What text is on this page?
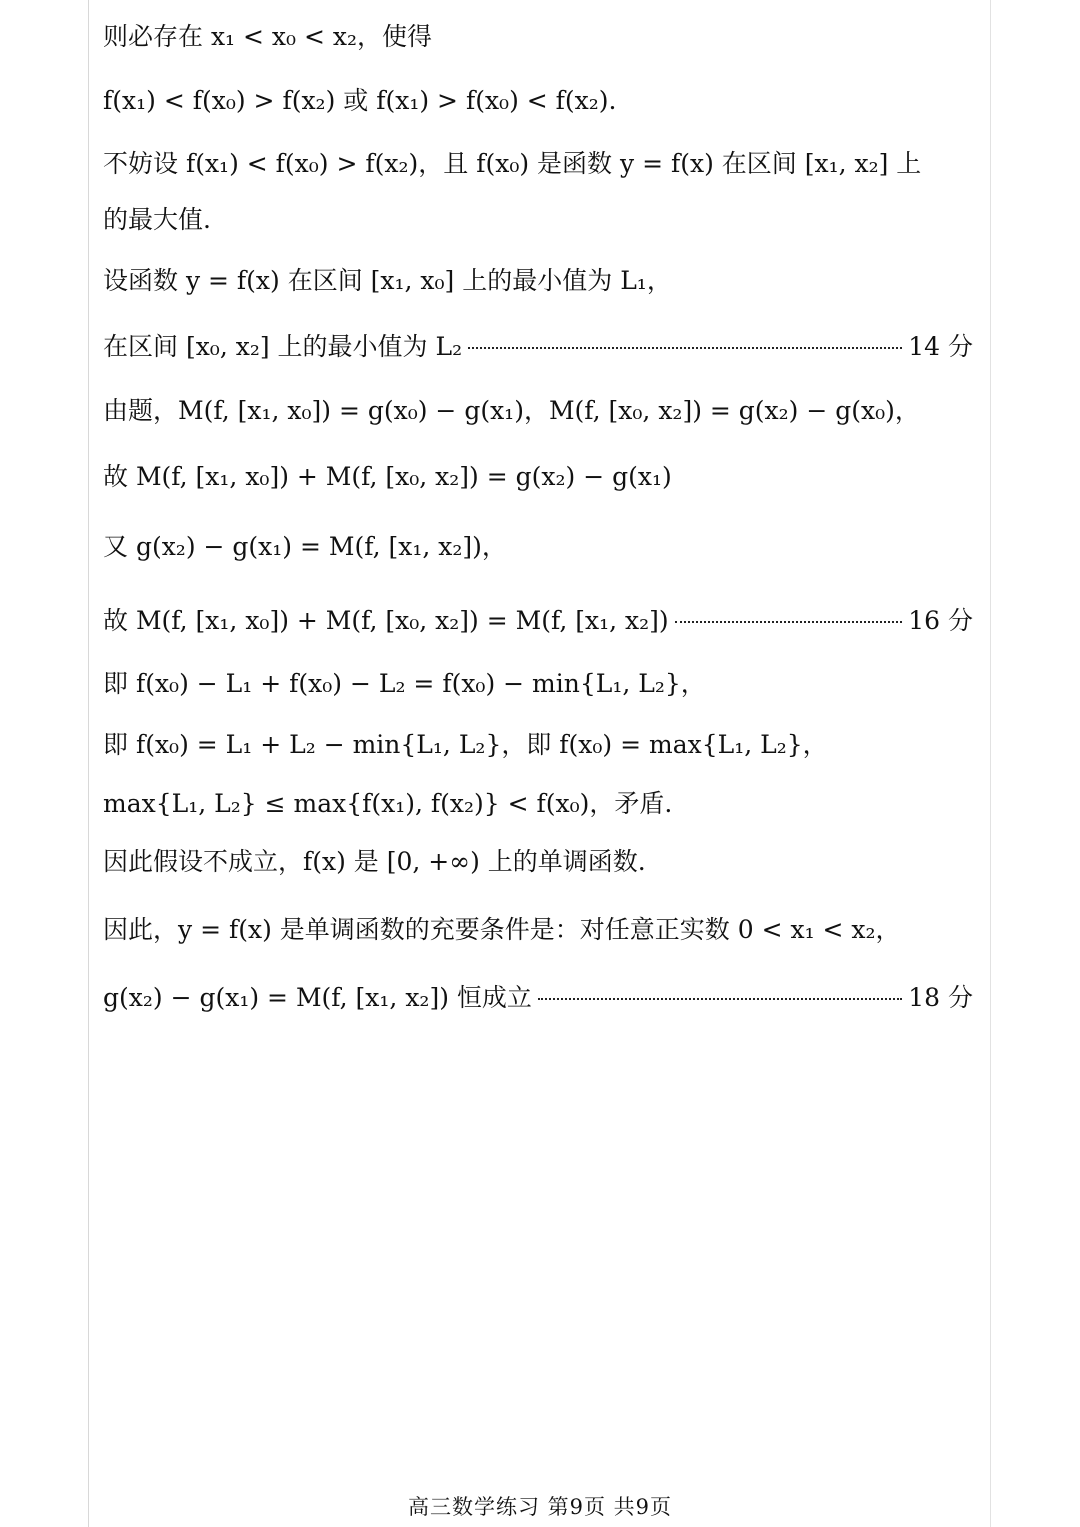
则必存在 x₁ < x₀ < x₂，使得
f(x₁) < f(x₀) > f(x₂) 或 f(x₁) > f(x₀) < f(x₂).
不妨设 f(x₁) < f(x₀) > f(x₂)，且 f(x₀) 是函数 y = f(x) 在区间 [x₁, x₂] 上
的最大值.
设函数 y = f(x) 在区间 [x₁, x₀] 上的最小值为 L₁，
在区间 [x₀, x₂] 上的最小值为 L₂	14 分
由题，M(f, [x₁, x₀]) = g(x₀) − g(x₁)，M(f, [x₀, x₂]) = g(x₂) − g(x₀)，
故 M(f, [x₁, x₀]) + M(f, [x₀, x₂]) = g(x₂) − g(x₁)
又 g(x₂) − g(x₁) = M(f, [x₁, x₂])，
故 M(f, [x₁, x₀]) + M(f, [x₀, x₂]) = M(f, [x₁, x₂])	16 分
即 f(x₀) − L₁ + f(x₀) − L₂ = f(x₀) − min{L₁, L₂}，
即 f(x₀) = L₁ + L₂ − min{L₁, L₂}，即 f(x₀) = max{L₁, L₂}，
max{L₁, L₂} ≤ max{f(x₁), f(x₂)} < f(x₀)，矛盾.
因此假设不成立，f(x) 是 [0, +∞) 上的单调函数.
因此，y = f(x) 是单调函数的充要条件是：对任意正实数 0 < x₁ < x₂，
g(x₂) − g(x₁) = M(f, [x₁, x₂]) 恒成立	18 分
高三数学练习 第9页 共9页
